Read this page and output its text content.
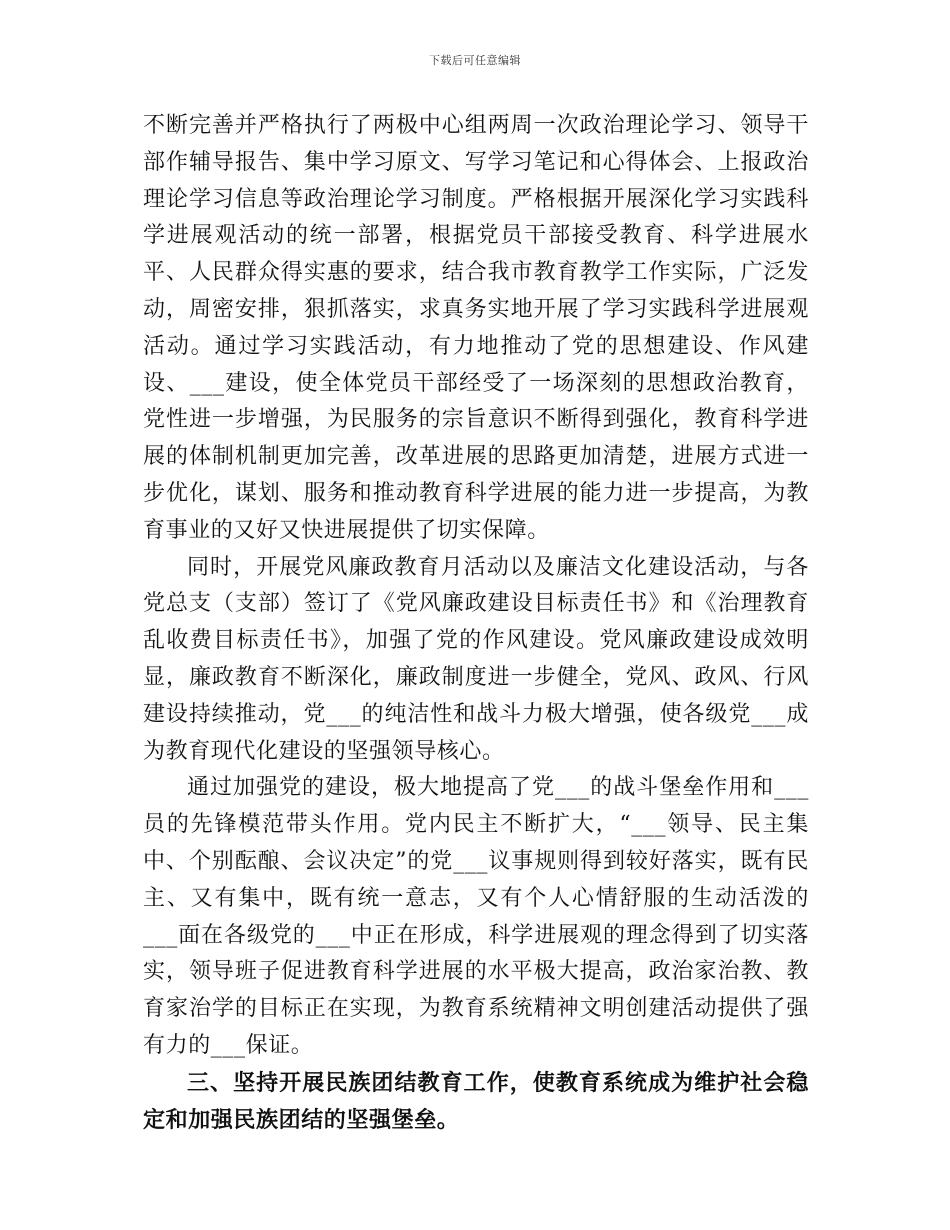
下载后可任意编辑

不断完善并严格执行了两极中心组两周一次政治理论学习、领导干部作辅导报告、集中学习原文、写学习笔记和心得体会、上报政治理论学习信息等政治理论学习制度。严格根据开展深化学习实践科学进展观活动的统一部署，根据党员干部接受教育、科学进展水平、人民群众得实惠的要求，结合我市教育教学工作实际，广泛发动，周密安排，狠抓落实，求真务实地开展了学习实践科学进展观活动。通过学习实践活动，有力地推动了党的思想建设、作风建设、___建设，使全体党员干部经受了一场深刻的思想政治教育，党性进一步增强，为民服务的宗旨意识不断得到强化，教育科学进展的体制机制更加完善，改革进展的思路更加清楚，进展方式进一步优化，谋划、服务和推动教育科学进展的能力进一步提高，为教育事业的又好又快进展提供了切实保障。

同时，开展党风廉政教育月活动以及廉洁文化建设活动，与各党总支（支部）签订了《党风廉政建设目标责任书》和《治理教育乱收费目标责任书》，加强了党的作风建设。党风廉政建设成效明显，廉政教育不断深化，廉政制度进一步健全，党风、政风、行风建设持续推动，党___的纯洁性和战斗力极大增强，使各级党___成为教育现代化建设的坚强领导核心。

通过加强党的建设，极大地提高了党___的战斗堡垒作用和___员的先锋模范带头作用。党内民主不断扩大，“___领导、民主集中、个别酝酿、会议决定”的党___议事规则得到较好落实，既有民主、又有集中，既有统一意志，又有个人心情舒服的生动活泼的___面在各级党的___中正在形成，科学进展观的理念得到了切实落实，领导班子促进教育科学进展的水平极大提高，政治家治教、教育家治学的目标正在实现，为教育系统精神文明创建活动提供了强有力的___保证。

三、坚持开展民族团结教育工作，使教育系统成为维护社会稳定和加强民族团结的坚强堡垒。
